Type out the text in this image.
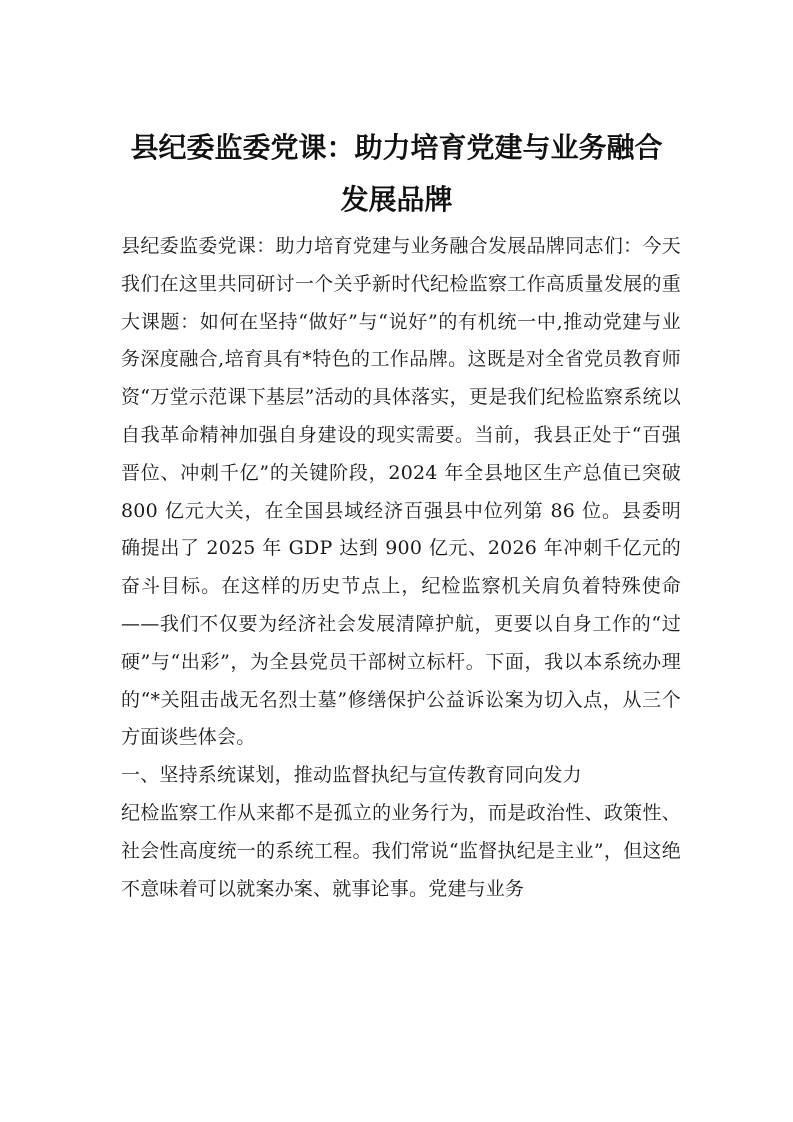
县纪委监委党课：助力培育党建与业务融合
发展品牌

县纪委监委党课：助力培育党建与业务融合发展品牌同志们：今天我们在这里共同研讨一个关乎新时代纪检监察工作高质量发展的重大课题：如何在坚持“做好”与“说好”的有机统一中,推动党建与业务深度融合,培育具有*特色的工作品牌。这既是对全省党员教育师资“万堂示范课下基层”活动的具体落实，更是我们纪检监察系统以自我革命精神加强自身建设的现实需要。当前，我县正处于“百强晋位、冲刺千亿”的关键阶段，2024 年全县地区生产总值已突破 800 亿元大关，在全国县域经济百强县中位列第 86 位。县委明确提出了 2025 年 GDP 达到 900 亿元、2026 年冲刺千亿元的奋斗目标。在这样的历史节点上，纪检监察机关肩负着特殊使命——我们不仅要为经济社会发展清障护航，更要以自身工作的“过硬”与“出彩”，为全县党员干部树立标杆。下面，我以本系统办理的“*关阻击战无名烈士墓”修缮保护公益诉讼案为切入点，从三个方面谈些体会。

一、坚持系统谋划，推动监督执纪与宣传教育同向发力

纪检监察工作从来都不是孤立的业务行为，而是政治性、政策性、社会性高度统一的系统工程。我们常说“监督执纪是主业”，但这绝不意味着可以就案办案、就事论事。党建与业务
